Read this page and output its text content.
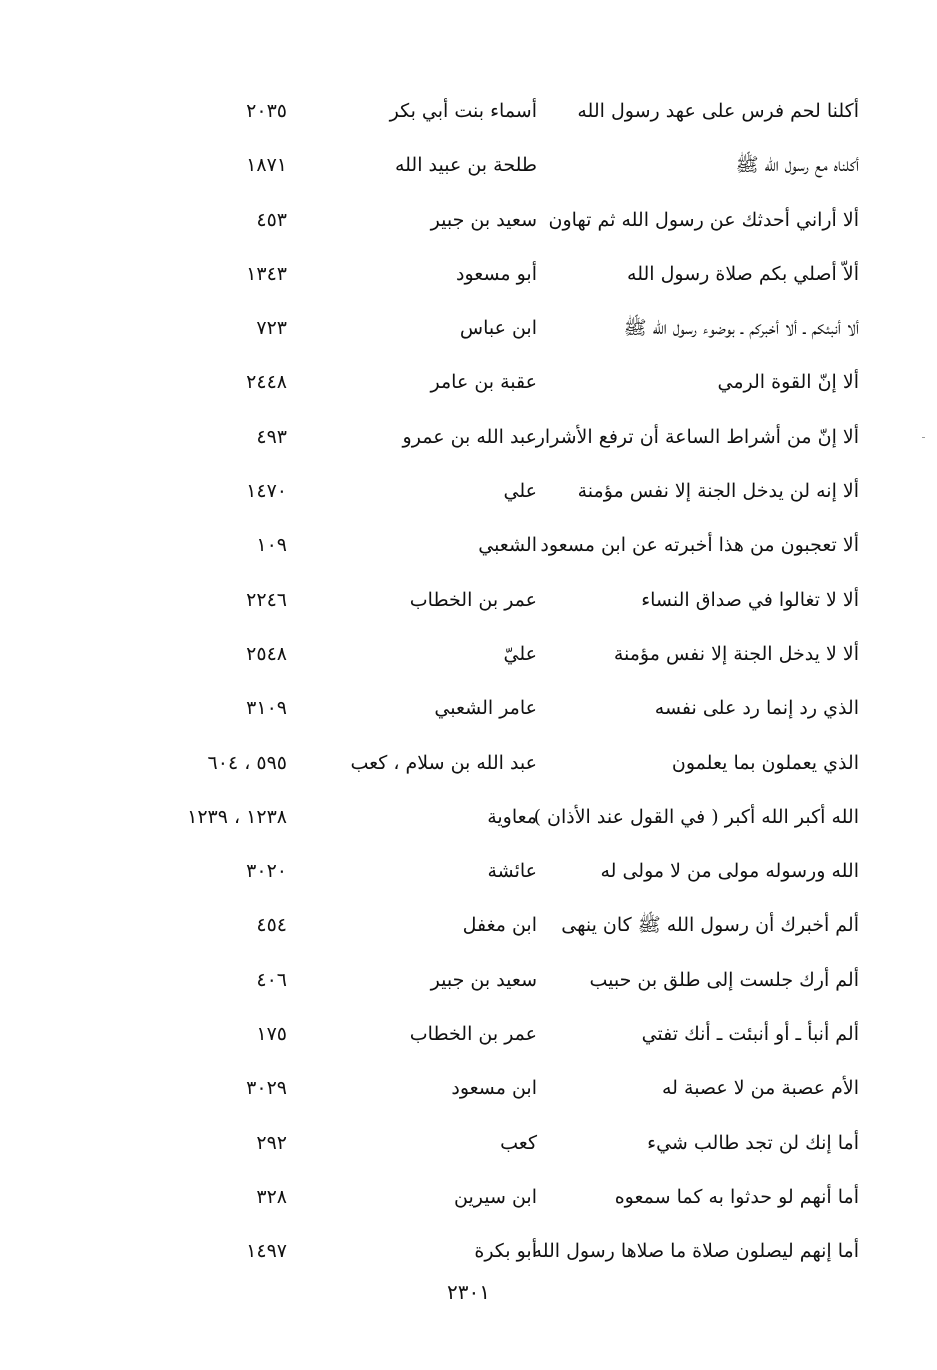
أكلنا لحم فرس على عهد رسول الله
أسماء بنت أبي بكر
٢٠٣٥
أكلناه مع رسول الله ﷺ
طلحة بن عبيد الله
١٨٧١
ألا أراني أحدثك عن رسول الله ثم تهاون
سعيد بن جبير
٤٥٣
ألاّ أصلي بكم صلاة رسول الله
أبو مسعود
١٣٤٣
ألا أنبئكم ـ ألا أخبركم ـ بوضوء رسول الله ﷺ
ابن عباس
٧٢٣
ألا إنّ القوة الرمي
عقبة بن عامر
٢٤٤٨
ألا إنّ من أشراط الساعة أن ترفع الأشرار
عبد الله بن عمرو
٤٩٣
ألا إنه لن يدخل الجنة إلا نفس مؤمنة
علي
١٤٧٠
ألا تعجبون من هذا أخبرته عن ابن مسعود
الشعبي
١٠٩
ألا لا تغالوا في صداق النساء
عمر بن الخطاب
٢٢٤٦
ألا لا يدخل الجنة إلا نفس مؤمنة
عليّ
٢٥٤٨
الذي رد إنما رد على نفسه
عامر الشعبي
٣١٠٩
الذي يعملون بما يعلمون
عبد الله بن سلام ، كعب
٥٩٥ ، ٦٠٤
الله أكبر الله أكبر ( في القول عند الأذان )
معاوية
١٢٣٨ ، ١٢٣٩
الله ورسوله مولى من لا مولى له
عائشة
٣٠٢٠
ألم أخبرك أن رسول الله ﷺ كان ينهى
ابن مغفل
٤٥٤
ألم أرك جلست إلى طلق بن حبيب
سعيد بن جبير
٤٠٦
ألم أنبأ ـ أو أنبئت ـ أنك تفتي
عمر بن الخطاب
١٧٥
الأم عصبة من لا عصبة له
ابن مسعود
٣٠٢٩
أما إنك لن تجد طالب شيء
كعب
٢٩٢
أما أنهم لو حدثوا به كما سمعوه
ابن سيرين
٣٢٨
أما إنهم ليصلون صلاة ما صلاها رسول الله
أبو بكرة
١٤٩٧
٢٣٠١
